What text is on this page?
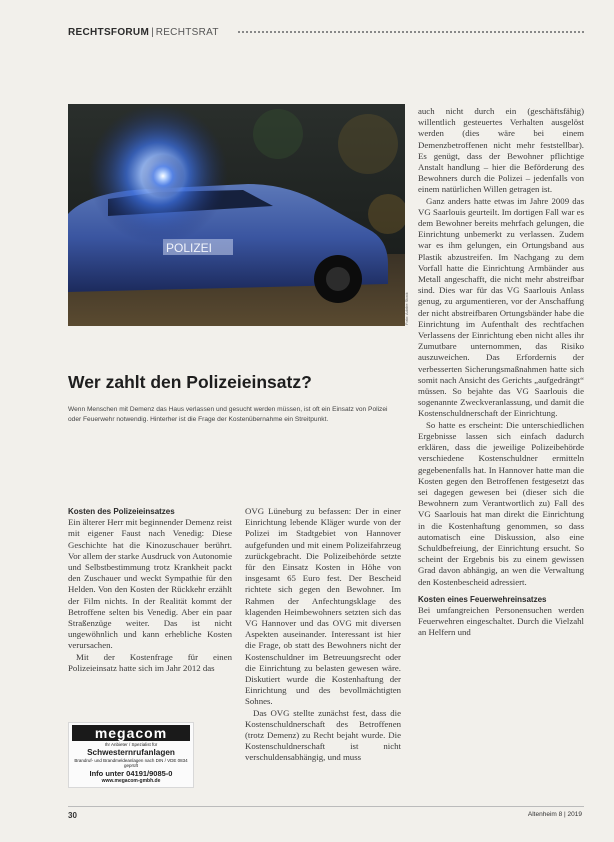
RECHTSFORUM | RECHTSRAT
POLIZEI
Foto: Adobe Stock
Wer zahlt den Polizeieinsatz?
Wenn Menschen mit Demenz das Haus verlassen und gesucht werden müssen, ist oft ein Einsatz von Polizei oder Feuerwehr notwendig. Hinterher ist die Frage der Kostenübernahme ein Streitpunkt.

Kosten des Polizeieinsatzes

Ein älterer Herr mit beginnender Demenz reist mit eigener Faust nach Venedig: Diese Geschichte hat die Kinozuschauer berührt. Vor allem der starke Ausdruck von Autonomie und Selbstbestimmung trotz Krankheit packt den Zuschauer und weckt Sympathie für den Helden. Von den Kosten der Rückkehr erzählt der Film nichts. In der Realität kommt der Betroffene selten bis Venedig. Aber ein paar Straßenzüge weiter. Das ist nicht ungewöhnlich und kann erhebliche Kosten verursachen.

Mit der Kostenfrage für einen Polizeieinsatz hatte sich im Jahr 2012 das

megacom
Ihr Anbieter / Spezialist für
Schwesternrufanlagen
Brandruf- und Brandmeldeanlagen nach DIN / VDE 0834 geprüft
Info unter 04191/9085-0
www.megacom-gmbh.de

OVG Lüneburg zu befassen: Der in einer Einrichtung lebende Kläger wurde von der Polizei im Stadtgebiet von Hannover aufgefunden und mit einem Polizeifahrzeug zurückgebracht. Die Polizeibehörde setzte für den Einsatz Kosten in Höhe von insgesamt 65 Euro fest. Der Bescheid richtete sich gegen den Bewohner. Im Rahmen der Anfechtungsklage des klagenden Heimbewohners setzten sich das VG Hannover und das OVG mit diversen Aspekten auseinander. Interessant ist hier die Frage, ob statt des Bewohners nicht der Kostenschuldner im Betreuungsrecht oder die Einrichtung zu belasten gewesen wäre. Diskutiert wurde die Kostenhaftung der Einrichtung und des bevollmächtigten Sohnes.

Das OVG stellte zunächst fest, dass die Kostenschuldnerschaft des Betroffenen (trotz Demenz) zu Recht bejaht wurde. Die Kostenschuldnerschaft ist nicht verschuldensabhängig, und muss

auch nicht durch ein (geschäftsfähig) willentlich gesteuertes Verhalten ausgelöst werden (dies wäre bei einem Demenzbetroffenen nicht mehr feststellbar). Es genügt, dass der Bewohner pflichtige Anstalt handlung – hier die Beförderung des Bewohners durch die Polizei – jedenfalls von einem natürlichen Willen getragen ist.

Ganz anders hatte etwas im Jahre 2009 das VG Saarlouis geurteilt. Im dortigen Fall war es dem Bewohner bereits mehrfach gelungen, die Einrichtung unbemerkt zu verlassen. Zudem war es ihm gelungen, ein Ortungsband aus Plastik abzustreifen. Im Nachgang zu dem Vorfall hatte die Einrichtung Armbänder aus Metall angeschafft, die nicht mehr abstreifbar sind. Dies war für das VG Saarlouis Anlass genug, zu argumentieren, vor der Anschaffung der nicht abstreifbaren Ortungsbänder habe die Einrichtung im Aufenthalt des rechtfachen Verlassens der Einrichtung eben nicht alles ihr Zumutbare unternommen, das Risiko auszuweichen. Das Erfordernis der verbesserten Sicherungsmaßnahmen hatte sich somit nach Ansicht des Gerichts „aufgedrängt“ müssen. So bejahte das VG Saarlouis die sogenannte Zweckveranlassung, und damit die Kostenschuldnerschaft der Einrichtung.

So hatte es erscheint: Die unterschiedlichen Ergebnisse lassen sich einfach dadurch erklären, dass die jeweilige Polizeibehörde verschiedene Kostenschuldner ermitteln gegebenenfalls hat. In Hannover hatte man die Kosten gegen den Betroffenen festgesetzt das sei dagegen gewesen bei (dieser sich die Bewohnern zum Verantwortlich zu) Fall des VG Saarlouis hat man direkt die Einrichtung in die Kostenhaftung genommen, so dass automatisch eine Diskussion, also eine Schuldbefreiung, der Einrichtung ersucht. So scheint der Ergebnis bis zu einem gewissen Grad davon abhängig, an wen die Verwaltung den Kostenbescheid adressiert.

Kosten eines Feuerwehreinsatzes

Bei umfangreichen Personensuchen werden Feuerwehren eingeschaltet. Durch die Vielzahl an Helfern und

30	Altenheim 8 | 2019
